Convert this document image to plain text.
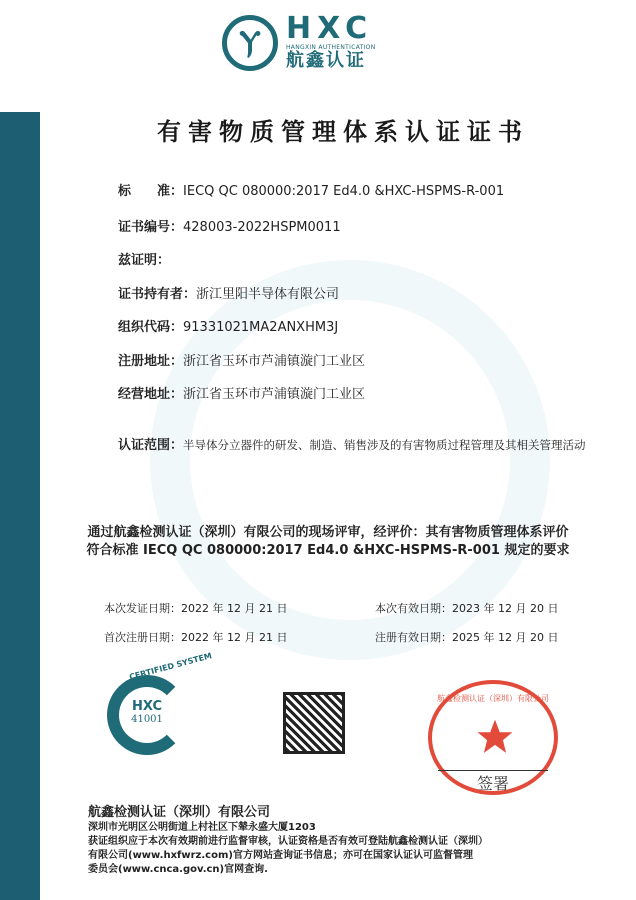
Ⲩ HXC
HANGXIN AUTHENTICATION
航鑫认证
有害物质管理体系认证证书
标　　准：IECQ QC 080000:2017 Ed4.0 &HXC-HSPMS-R-001
证书编号：428003-2022HSPM0011
兹证明：
证书持有者：浙江里阳半导体有限公司
组织代码：91331021MA2ANXHM3J
注册地址：浙江省玉环市芦浦镇漩门工业区
经营地址：浙江省玉环市芦浦镇漩门工业区
认证范围：半导体分立器件的研发、制造、销售涉及的有害物质过程管理及其相关管理活动
通过航鑫检测认证（深圳）有限公司的现场评审，经评价：其有害物质管理体系评价
符合标准 IECQ QC 080000:2017 Ed4.0 &HXC-HSPMS-R-001 规定的要求
本次发证日期：2022 年 12 月 21 日	本次有效日期：2023 年 12 月 20 日
首次注册日期：2022 年 12 月 21 日	注册有效日期：2025 年 12 月 20 日
HXC
41001
CERTIFIED SYSTEM
航鑫检测认证（深圳）有限公司
签署
航鑫检测认证（深圳）有限公司
深圳市光明区公明街道上村社区下辇永盛大厦1203
获证组织应于本次有效期前进行监督审核，认证资格是否有效可登陆航鑫检测认证（深圳）
有限公司(www.hxfwrz.com)官方网站查询证书信息；亦可在国家认证认可监督管理
委员会(www.cnca.gov.cn)官网查询.
